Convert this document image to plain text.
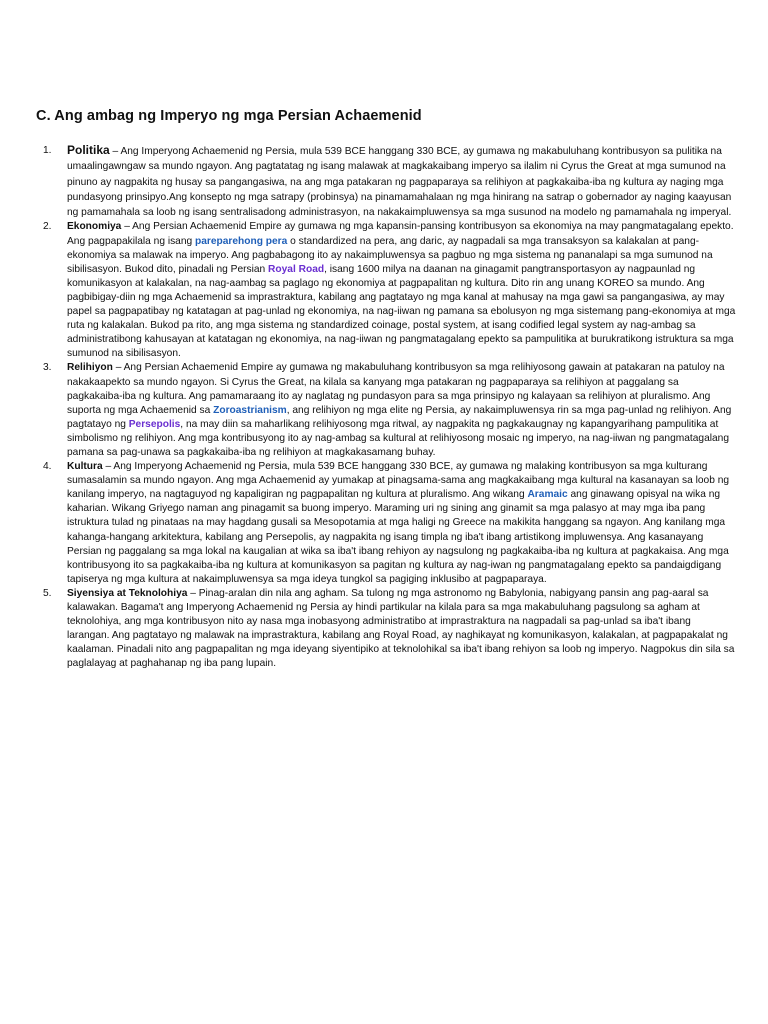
C. Ang ambag ng Imperyo ng mga Persian Achaemenid
1. Politika – Ang Imperyong Achaemenid ng Persia, mula 539 BCE hanggang 330 BCE, ay gumawa ng makabuluhang kontribusyon sa pulitika na umaalingawngaw sa mundo ngayon. Ang pagtatatag ng isang malawak at magkakaibang imperyo sa ilalim ni Cyrus the Great at mga sumunod na pinuno ay nagpakita ng husay sa pangangasiwa, na ang mga patakaran ng pagpaparaya sa relihiyon at pagkakaiba-iba ng kultura ay naging mga pundasyong prinsipyo.Ang konsepto ng mga satrapy (probinsya) na pinamamahalaan ng mga hinirang na satrap o gobernador ay naging kaayusan ng pamamahala sa loob ng isang sentralisadong administrasyon, na nakakaimpluwensya sa mga susunod na modelo ng pamamahala ng imperyal.
2. Ekonomiya – Ang Persian Achaemenid Empire ay gumawa ng mga kapansin-pansing kontribusyon sa ekonomiya na may pangmatagalang epekto. Ang pagpapakilala ng isang pareparehong pera o standardized na pera, ang daric, ay nagpadali sa mga transaksyon sa kalakalan at pang-ekonomiya sa malawak na imperyo. Ang pagbabagong ito ay nakaimpluwensya sa pagbuo ng mga sistema ng pananalapi sa mga sumunod na sibilisasyon. Bukod dito, pinadali ng Persian Royal Road, isang 1600 milya na daanan na ginagamit pangtransportasyon ay nagpaunlad ng komunikasyon at kalakalan, na nag-aambag sa paglago ng ekonomiya at pagpapalitan ng kultura. Dito rin ang unang KOREO sa mundo. Ang pagbibigay-diin ng mga Achaemenid sa imprastraktura, kabilang ang pagtatayo ng mga kanal at mahusay na mga gawi sa pangangasiwa, ay may papel sa pagpapatibay ng katatagan at pag-unlad ng ekonomiya, na nag-iiwan ng pamana sa ebolusyon ng mga sistemang pang-ekonomiya at mga ruta ng kalakalan. Bukod pa rito, ang mga sistema ng standardized coinage, postal system, at isang codified legal system ay nag-ambag sa administratibong kahusayan at katatagan ng ekonomiya, na nag-iiwan ng pangmatagalang epekto sa pampulitika at burukratikong istruktura sa mga sumunod na sibilisasyon.
3. Relihiyon – Ang Persian Achaemenid Empire ay gumawa ng makabuluhang kontribusyon sa mga relihiyosong gawain at patakaran na patuloy na nakakaapekto sa mundo ngayon. Si Cyrus the Great, na kilala sa kanyang mga patakaran ng pagpaparaya sa relihiyon at paggalang sa pagkakaiba-iba ng kultura. Ang pamamaraang ito ay naglatag ng pundasyon para sa mga prinsipyo ng kalayaan sa relihiyon at pluralismo. Ang suporta ng mga Achaemenid sa Zoroastrianism, ang relihiyon ng mga elite ng Persia, ay nakaimpluwensya rin sa mga pag-unlad ng relihiyon. Ang pagtatayo ng Persepolis, na may diin sa maharlikang relihiyosong mga ritwal, ay nagpakita ng pagkakaugnay ng kapangyarihang pampulitika at simbolismo ng relihiyon. Ang mga kontribusyong ito ay nag-ambag sa kultural at relihiyosong mosaic ng imperyo, na nag-iiwan ng pangmatagalang pamana sa pag-unawa sa pagkakaiba-iba ng relihiyon at magkakasamang buhay.
4. Kultura – Ang Imperyong Achaemenid ng Persia, mula 539 BCE hanggang 330 BCE, ay gumawa ng malaking kontribusyon sa mga kulturang sumasalamin sa mundo ngayon. Ang mga Achaemenid ay yumakap at pinagsama-sama ang magkakaibang mga kultural na kasanayan sa loob ng kanilang imperyo, na nagtaguyod ng kapaligiran ng pagpapalitan ng kultura at pluralismo. Ang wikang Aramaic ang ginawang opisyal na wika ng kaharian. Wikang Griyego naman ang pinagamit sa buong imperyo. Maraming uri ng sining ang ginamit sa mga palasyo at may mga iba pang istruktura tulad ng pinataas na may hagdang gusali sa Mesopotamia at mga haligi ng Greece na makikita hanggang sa ngayon. Ang kanilang mga kahanga-hangang arkitektura, kabilang ang Persepolis, ay nagpakita ng isang timpla ng iba't ibang artistikong impluwensya. Ang kasanayang Persian ng paggalang sa mga lokal na kaugalian at wika sa iba't ibang rehiyon ay nagsulong ng pagkakaiba-iba ng kultura at pagkakaisa. Ang mga kontribusyong ito sa pagkakaiba-iba ng kultura at komunikasyon sa pagitan ng kultura ay nag-iwan ng pangmatagalang epekto sa pandaigdigang tapiserya ng mga kultura at nakaimpluwensya sa mga ideya tungkol sa pagiging inklusibo at pagpaparaya.
5. Siyensiya at Teknolohiya – Pinag-aralan din nila ang agham. Sa tulong ng mga astronomo ng Babylonia, nabigyang pansin ang pag-aaral sa kalawakan. Bagama't ang Imperyong Achaemenid ng Persia ay hindi partikular na kilala para sa mga makabuluhang pagsulong sa agham at teknolohiya, ang mga kontribusyon nito ay nasa mga inobasyong administratibo at imprastraktura na nagpadali sa pag-unlad sa iba't ibang larangan. Ang pagtatayo ng malawak na imprastraktura, kabilang ang Royal Road, ay naghikayat ng komunikasyon, kalakalan, at pagpapakalat ng kaalaman. Pinadali nito ang pagpapalitan ng mga ideyang siyentipiko at teknolohikal sa iba't ibang rehiyon sa loob ng imperyo. Nagpokus din sila sa paglalayag at paghahanap ng iba pang lupain.
